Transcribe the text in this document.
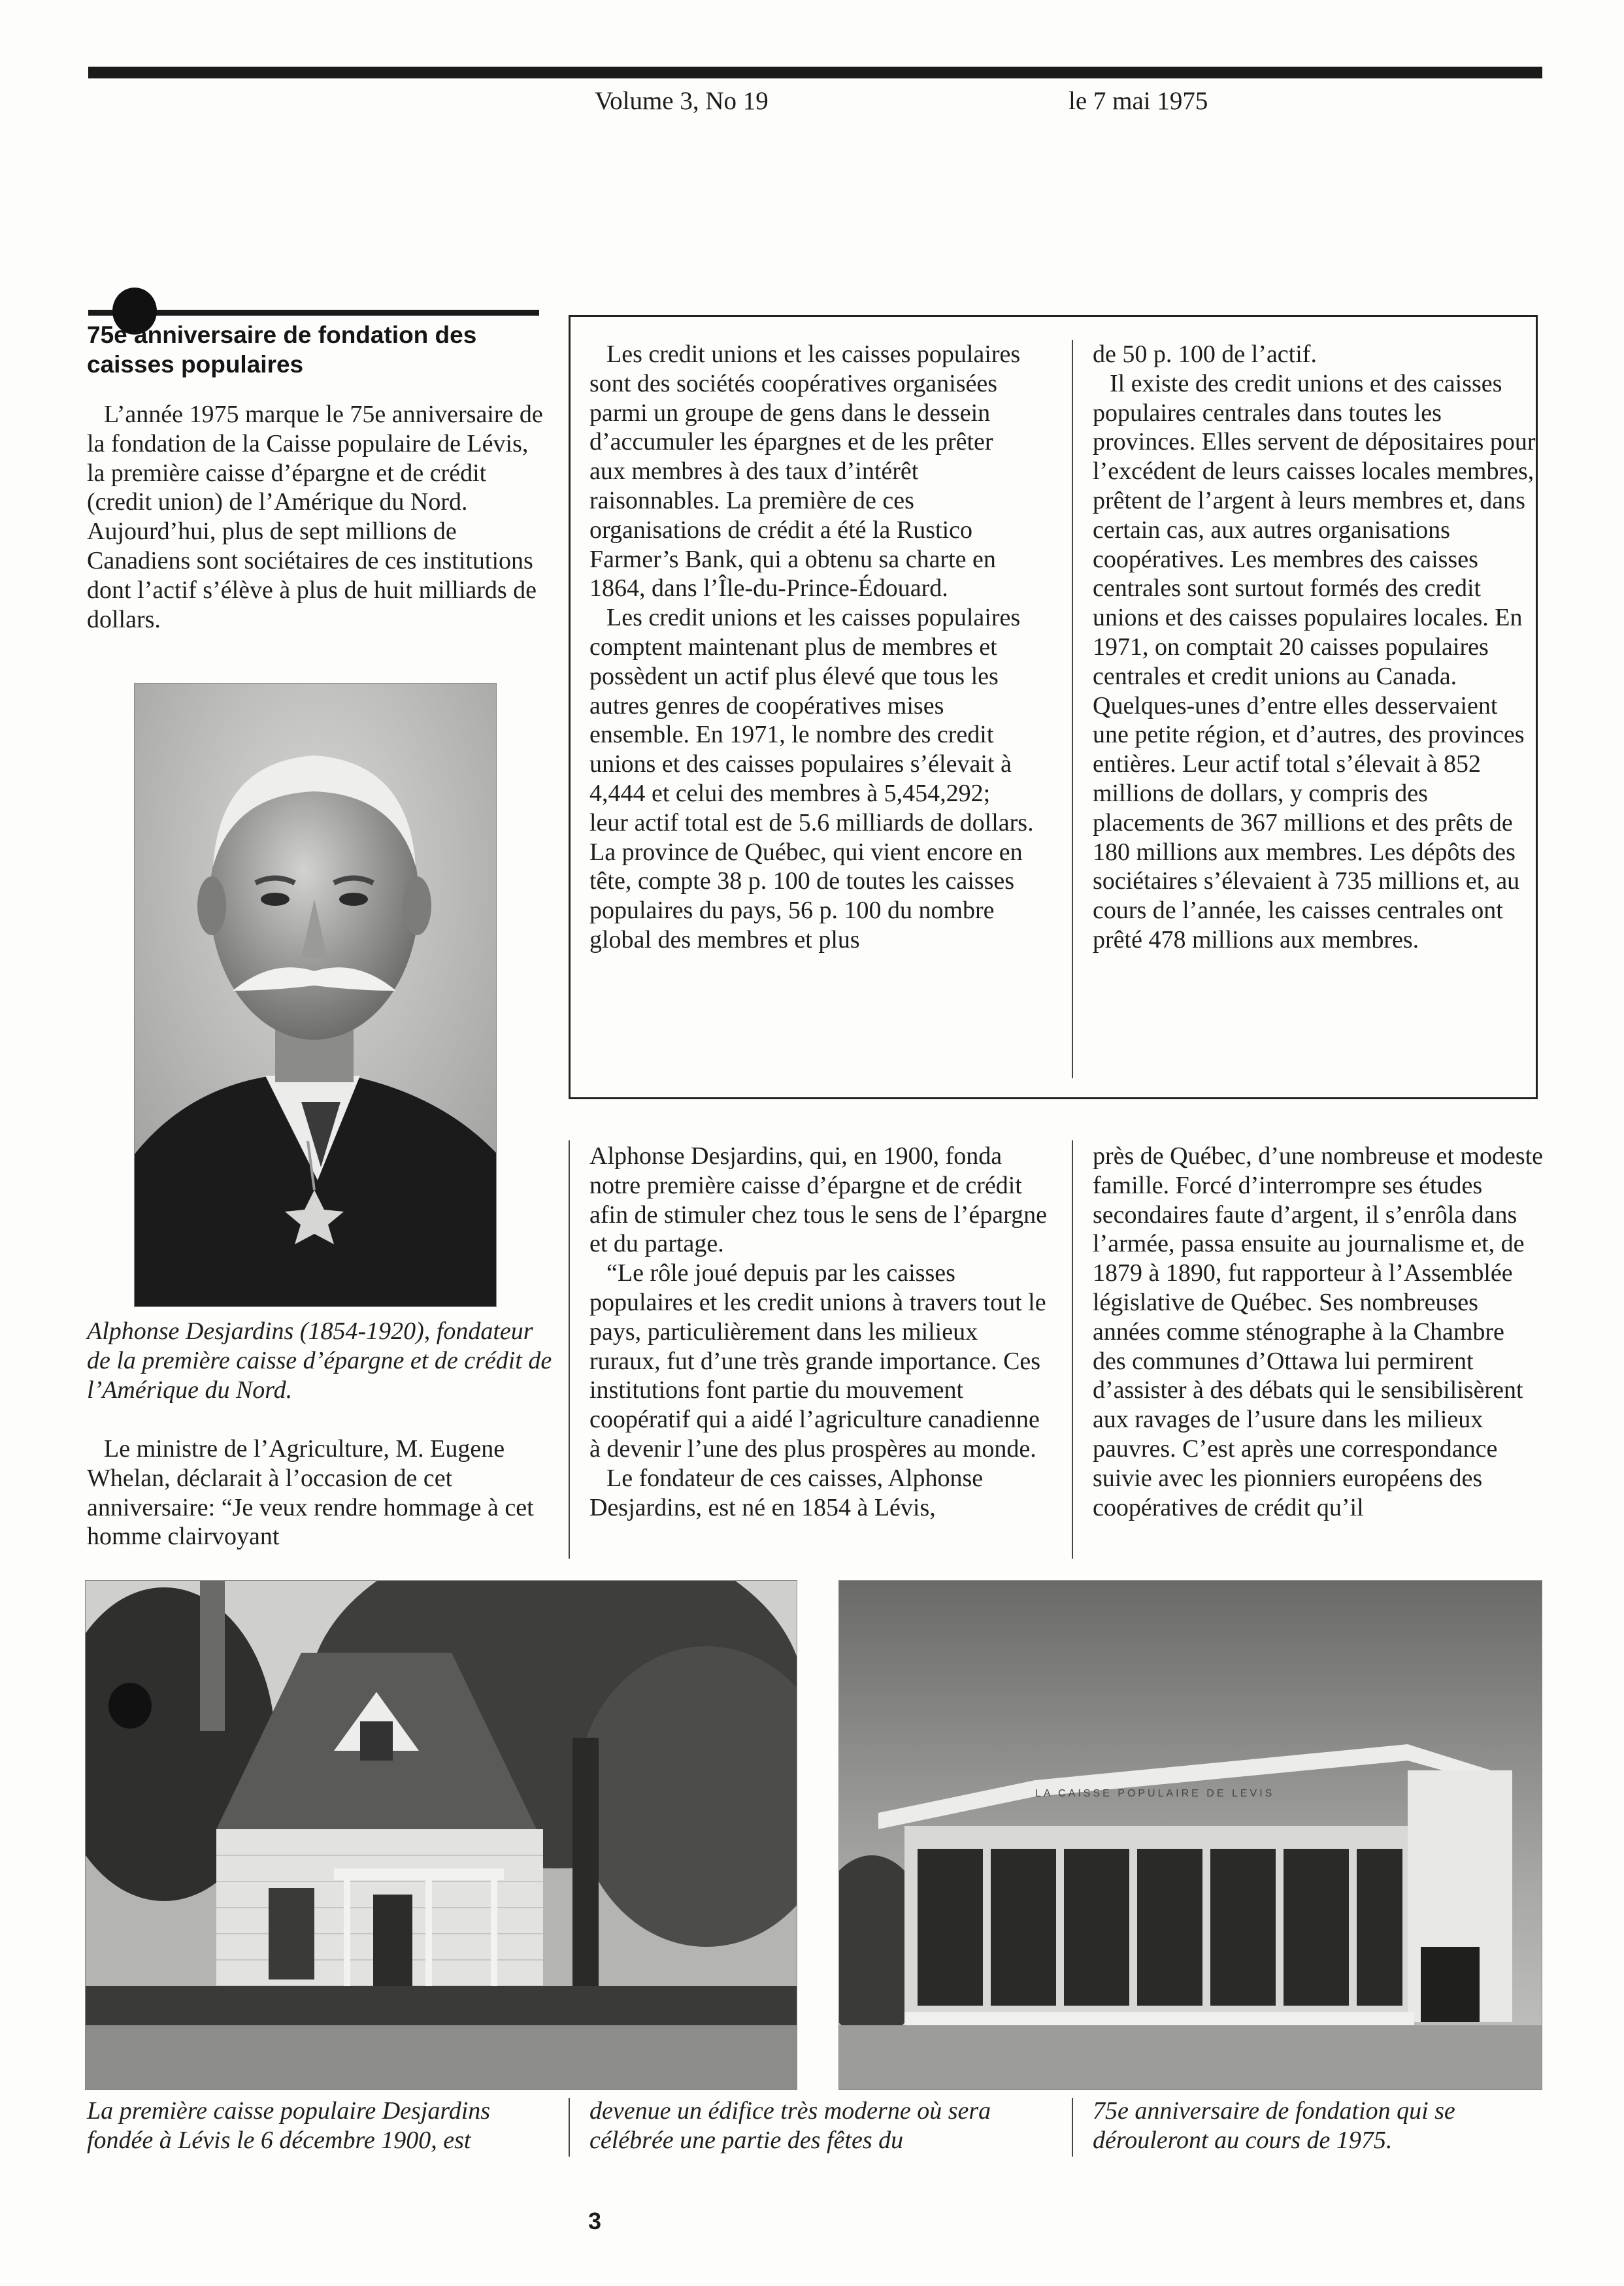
Volume 3, No 19	le 7 mai 1975
75e anniversaire de fondation des caisses populaires

L’année 1975 marque le 75e anniversaire de la fondation de la Caisse populaire de Lévis, la première caisse d’épargne et de crédit (credit union) de l’Amérique du Nord. Aujourd’hui, plus de sept millions de Canadiens sont sociétaires de ces institutions dont l’actif s’élève à plus de huit milliards de dollars.

Alphonse Desjardins (1854-1920), fondateur de la première caisse d’épargne et de crédit de l’Amérique du Nord.

Le ministre de l’Agriculture, M. Eugene Whelan, déclarait à l’occasion de cet anniversaire: “Je veux rendre hommage à cet homme clairvoyant

Les credit unions et les caisses populaires sont des sociétés coopératives organisées parmi un groupe de gens dans le dessein d’accumuler les épargnes et de les prêter aux membres à des taux d’intérêt raisonnables. La première de ces organisations de crédit a été la Rustico Farmer’s Bank, qui a obtenu sa charte en 1864, dans l’Île-du-Prince-Édouard.

Les credit unions et les caisses populaires comptent maintenant plus de membres et possèdent un actif plus élevé que tous les autres genres de coopératives mises ensemble. En 1971, le nombre des credit unions et des caisses populaires s’élevait à 4,444 et celui des membres à 5,454,292; leur actif total est de 5.6 milliards de dollars. La province de Québec, qui vient encore en tête, compte 38 p. 100 de toutes les caisses populaires du pays, 56 p. 100 du nombre global des membres et plus

de 50 p. 100 de l’actif.

Il existe des credit unions et des caisses populaires centrales dans toutes les provinces. Elles servent de dépositaires pour l’excédent de leurs caisses locales membres, prêtent de l’argent à leurs membres et, dans certain cas, aux autres organisations coopératives. Les membres des caisses centrales sont surtout formés des credit unions et des caisses populaires locales. En 1971, on comptait 20 caisses populaires centrales et credit unions au Canada. Quelques-unes d’entre elles desservaient une petite région, et d’autres, des provinces entières. Leur actif total s’élevait à 852 millions de dollars, y compris des placements de 367 millions et des prêts de 180 millions aux membres. Les dépôts des sociétaires s’élevaient à 735 millions et, au cours de l’année, les caisses centrales ont prêté 478 millions aux membres.

Alphonse Desjardins, qui, en 1900, fonda notre première caisse d’épargne et de crédit afin de stimuler chez tous le sens de l’épargne et du partage.

“Le rôle joué depuis par les caisses populaires et les credit unions à travers tout le pays, particulièrement dans les milieux ruraux, fut d’une très grande importance. Ces institutions font partie du mouvement coopératif qui a aidé l’agriculture canadienne à devenir l’une des plus prospères au monde.

Le fondateur de ces caisses, Alphonse Desjardins, est né en 1854 à Lévis,

près de Québec, d’une nombreuse et modeste famille. Forcé d’interrompre ses études secondaires faute d’argent, il s’enrôla dans l’armée, passa ensuite au journalisme et, de 1879 à 1890, fut rapporteur à l’Assemblée législative de Québec. Ses nombreuses années comme sténographe à la Chambre des communes d’Ottawa lui permirent d’assister à des débats qui le sensibilisèrent aux ravages de l’usure dans les milieux pauvres. C’est après une correspondance suivie avec les pionniers européens des coopératives de crédit qu’il

LA CAISSE POPULAIRE DE LEVIS
La première caisse populaire Desjardins fondée à Lévis le 6 décembre 1900, est
devenue un édifice très moderne où sera célébrée une partie des fêtes du
75e anniversaire de fondation qui se dérouleront au cours de 1975.
3
